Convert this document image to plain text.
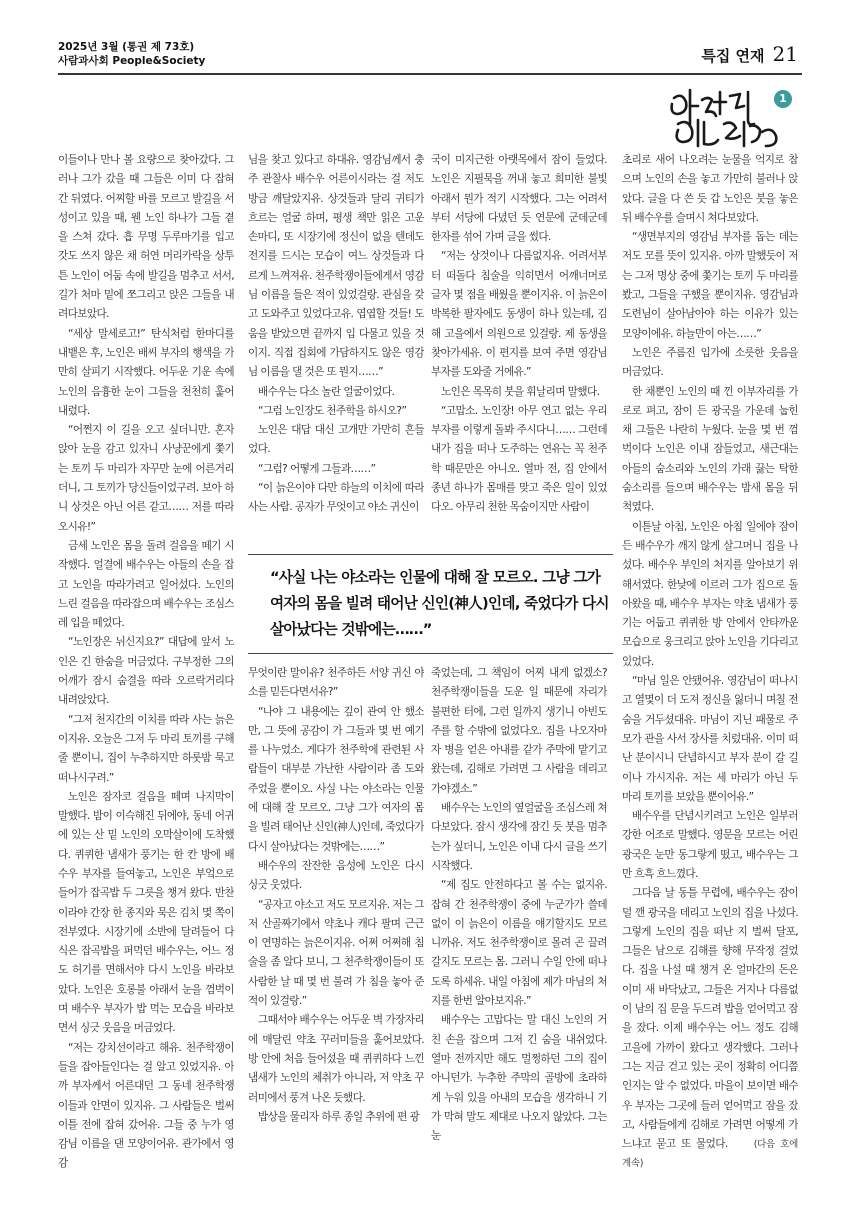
2025년 3월 (통권 제 73호)
사람과사회 People&Society	특집 연재 21
1

이들이나 만나 볼 요량으로 찾아갔다. 그러나 그가 갔을 때 그들은 이미 다 잡혀 간 뒤였다. 어찌할 바를 모르고 발길을 서성이고 있을 때, 웬 노인 하나가 그들 곁을 스쳐 갔다. 흡 무명 두루마기를 입고 갓도 쓰지 않은 채 허연 머리카락을 상투 튼 노인이 어둠 속에 발길을 멈추고 서서, 길가 처마 밑에 쪼그리고 앉은 그들을 내려다보았다.

“세상 말세로고!” 탄식처럼 한마디를 내뱉은 후, 노인은 배씨 부자의 행색을 가만히 살피기 시작했다. 어두운 기운 속에 노인의 음흉한 눈이 그들을 천천히 훑어 내렸다.

“어쩐지 이 길을 오고 싶더니만. 혼자 앉아 눈을 감고 있자니 사냥꾼에게 쫓기는 토끼 두 마리가 자꾸만 눈에 어른거리더니, 그 토끼가 당신들이었구려. 보아 하니 상것은 아닌 어른 같고…… 저를 따라오시유!”

금세 노인은 몸을 돌려 걸음을 떼기 시작했다. 얼결에 배수우는 아들의 손을 잡고 노인을 따라가려고 일어섰다. 노인의 느린 걸음을 따라잡으며 배수우는 조심스레 입을 떼었다.

“노인장은 뉘신지요?” 대답에 앞서 노인은 긴 한숨을 머금었다. 구부정한 그의 어깨가 잠시 숨결을 따라 오르락거리다 내려앉았다.

“그저 천지간의 이치를 따라 사는 늙은이지유. 오늘은 그저 두 마리 토끼를 구해줄 뿐이니, 집이 누추하지만 하룻밤 묵고 떠나시구려.”

노인은 잠자코 걸음을 떼며 나지막이 말했다. 밤이 이슥해진 뒤에야, 동네 어귀에 있는 산 밑 노인의 오막살이에 도착했다. 퀴퀴한 냄새가 풍기는 한 칸 방에 배수우 부자를 들여놓고, 노인은 부엌으로 들어가 잡곡밥 두 그릇을 챙겨 왔다. 반찬이라야 간장 한 종지와 묵은 김치 몇 쪽이 전부였다. 시장기에 소반에 달려들어 다 식은 잡곡밥을 퍼먹던 배수우는, 어느 정도 허기를 면해서야 다시 노인을 바라보았다. 노인은 호롱불 아래서 눈을 껌벅이며 배수우 부자가 밥 먹는 모습을 바라보면서 싱긋 웃음을 머금었다.

“저는 강치선이라고 해유. 천주학쟁이들을 잡아들인다는 걸 알고 있었지유. 아까 부자께서 어른대던 그 동네 천주학쟁이들과 안면이 있지유. 그 사람들은 벌써 이틀 전에 잡혀 갔어유. 그들 중 누가 영감님 이름을 댄 모양이어유. 관가에서 영감

님을 찾고 있다고 하대유. 영감님께서 충주 관찰사 배수우 어른이시라는 걸 저도 방금 깨달았지유. 상것들과 달리 귀티가 흐르는 얼굴 하며, 평생 책만 읽은 고운 손마디, 또 시장기에 정신이 없을 텐데도 전지를 드시는 모습이 여느 상것들과 다르게 느껴져유. 천주학쟁이들에게서 영감님 이름을 들은 적이 있었걸랑. 관심을 갖고 도와주고 있었다고유. 엽엽할 것들! 도움을 받았으면 끝까지 입 다물고 있을 것이지. 직접 집회에 가담하지도 않은 영감님 이름을 댈 것은 또 뭔지……”

배수우는 다소 놀란 얼굴이었다.

“그럼 노인장도 천주학을 하시오?”

노인은 대답 대신 고개만 가만히 흔들었다.

“그럼? 어떻게 그들과……”

“이 늙은이야 다만 하늘의 이치에 따라 사는 사람. 공자가 무엇이고 야소 귀신이

국이 미지근한 아랫목에서 잠이 들었다. 노인은 지필묵을 꺼내 놓고 희미한 불빛 아래서 뭔가 적기 시작했다. 그는 어려서부터 서당에 다녔던 듯 연문에 군데군데 한자를 섞어 가며 글을 썼다.

“저는 상것이나 다름없지유. 어려서부터 떠돌다 침술을 익히면서 어깨너머로 글자 몇 점을 배웠을 뿐이지유. 이 늙은이 박복한 팔자에도 동생이 하나 있는데, 김해 고을에서 의원으로 있걸랑. 제 동생을 찾아가세유. 이 편지를 보여 주면 영감님 부자를 도와줄 거에유.”

노인은 목목히 붓을 휘날리며 말했다.

“고맙소. 노인장! 아무 연고 없는 우리 부자를 이렇게 돌봐 주시다니…… 그런데 내가 집을 떠나 도주하는 연유는 꼭 천주학 때문만은 아니오. 열마 전, 집 안에서 종년 하나가 몸매를 맞고 죽은 일이 있었다오. 아무리 천한 목숨이지만 사람이

초리로 새어 나오려는 눈물을 억지로 참으며 노인의 손을 놓고 가만히 불러나 앉았다. 글을 다 쓴 듯 갑 노인은 붓을 놓은 뒤 배수우를 슬며시 쳐다보았다.

“생면부지의 영감님 부자를 돕는 데는 저도 모를 뜻이 있지유. 아까 말했듯이 저는 그저 명상 중에 쫓기는 토끼 두 마리를 봤고, 그들을 구했을 뿐이지유. 영감님과 도련님이 살아남아야 하는 이유가 있는 모양이에유. 하늘만이 아는……”

노인은 주름진 입가에 소릇한 웃음을 머금었다.

한 채뿐인 노인의 때 낀 이부자리를 가로로 펴고, 잠이 든 광국을 가운데 눕힌 채 그들은 나란히 누웠다. 눈을 몇 번 껌벅이다 노인은 이내 잠들었고, 새근대는 아들의 숨소리와 노인의 가래 끓는 탁한 숨소리를 들으며 배수우는 밤새 몸을 뒤척였다.

이튿날 아침, 노인은 아침 일에야 잠이 든 배수우가 깨지 않게 살그머니 집을 나섰다. 배수우 부인의 처지를 알아보기 위해서였다. 한낮에 이르러 그가 집으로 돌아왔을 때, 배수우 부자는 약초 냄새가 풍기는 어둡고 퀴퀴한 방 안에서 안타까운 모습으로 웅크리고 앉아 노인을 기다리고 있었다.

“마님 일은 안됐어유. 영감님이 떠나시고 열몇이 더 도져 정신을 잃더니 며칠 전 숨을 거두셨대유. 마님이 지닌 패물로 주모가 관을 사서 장사를 치렀대유. 이미 떠난 분이시니 단념하시고 부자 분이 갈 길이나 가시지유. 저는 세 마리가 아닌 두 마리 토끼를 보았을 뿐이어유.”

배수우를 단념시키려고 노인은 일부러 강한 어조로 말했다. 영문을 모르는 어린 광국은 눈만 동그랗게 떴고, 배수우는 그만 흐흑 흐느꼈다.

그다음 날 동틀 무렵에, 배수우는 잠이 덜 깬 광국을 데리고 노인의 집을 나섰다. 그렇게 노인의 집을 떠난 지 벌써 달포, 그들은 남으로 김해를 향해 무작정 걸었다. 집을 나설 때 챙겨 온 얼마간의 돈은 이미 새 바닥났고, 그들은 거지나 다름없이 남의 집 문을 두드려 밥을 얻어먹고 잠을 잤다. 이제 배수우는 어느 정도 김해 고을에 가까이 왔다고 생각했다. 그러나 그는 지금 걷고 있는 곳이 정확히 어디쯤인지는 알 수 없었다. 마을이 보이면 배수우 부자는 그곳에 들러 얻어먹고 잠을 잤고, 사람들에게 김해로 가려면 어떻게 가느냐고 묻고 또 물었다.	(다음 호에 계속)

“사실 나는 야소라는 인물에 대해 잘 모르오. 그냥 그가 여자의 몸을 빌려 태어난 신인(神人)인데, 죽었다가 다시 살아났다는 것밖에는……”

무엇이란 말이유? 천주하든 서양 귀신 야소를 믿든다면서유?”

“나야 그 내용에는 깊이 관여 안 했소만, 그 뜻에 공감이 가 그들과 몇 번 예기를 나누었소. 게다가 천주학에 관련된 사람들이 대부분 가난한 사람이라 좀 도와주었을 뿐이오. 사실 나는 야소라는 인물에 대해 잘 모르오. 그냥 그가 여자의 몸을 빌려 태어난 신인(神人)인데, 죽었다가 다시 살아났다는 것밖에는……”

배수우의 잔잔한 음성에 노인은 다시 싱긋 웃었다.

“공자고 야소고 저도 모르지유. 저는 그저 산골짜기에서 약초나 캐다 팔며 근근이 연명하는 늙은이지유. 어쩌 어쩌해 침술을 좀 알다 보니, 그 천주학쟁이들이 또 사람한 날 때 몇 번 불려 가 침을 놓아 준 적이 있걸랑.”

그때서야 배수우는 어두운 벽 가장자리에 매달린 약초 꾸러미들을 훑어보았다. 방 안에 처음 들어섰을 때 퀴퀴하다 느낀 냄새가 노인의 체취가 아니라, 저 약초 꾸러미에서 풍겨 나온 듯했다.

밥상을 물리자 하루 종일 추위에 편 광

죽었는데, 그 책임이 어찌 내게 없겠소? 천주학쟁이들을 도운 일 때문에 자리가 불편한 터에, 그런 일까지 생기니 아빈도 주를 할 수밖에 없었다오. 집을 나오자마자 병을 얻은 아내를 같가 주막에 맡기고 왔는데, 김해로 가려면 그 사람을 데리고 가야겠소.”

배수우는 노인의 옆얼굴을 조심스레 쳐다보았다. 잠시 생각에 잠긴 듯 붓을 멈추는가 싶더니, 노인은 이내 다시 글을 쓰기 시작했다.

“제 집도 안전하다고 볼 수는 없지유. 잡혀 간 천주학쟁이 중에 누군가가 쓸데없이 이 늙은이 이름을 얘기할지도 모르니까유. 저도 천주학쟁이로 몰려 곤 끌려갈지도 모르는 몸. 그러니 수일 안에 떠나도록 하세유. 내일 아침에 제가 마님의 처지를 한번 알아보지유.”

배수우는 고맙다는 말 대신 노인의 거친 손을 잡으며 그저 긴 숨을 내쉬었다. 열마 전까지만 해도 멀쩡하던 그의 집이 아니던가. 누추한 주막의 골방에 초라하게 누워 있을 아내의 모습을 생각하니 기가 막혀 말도 제대로 나오지 않았다. 그는 눈
